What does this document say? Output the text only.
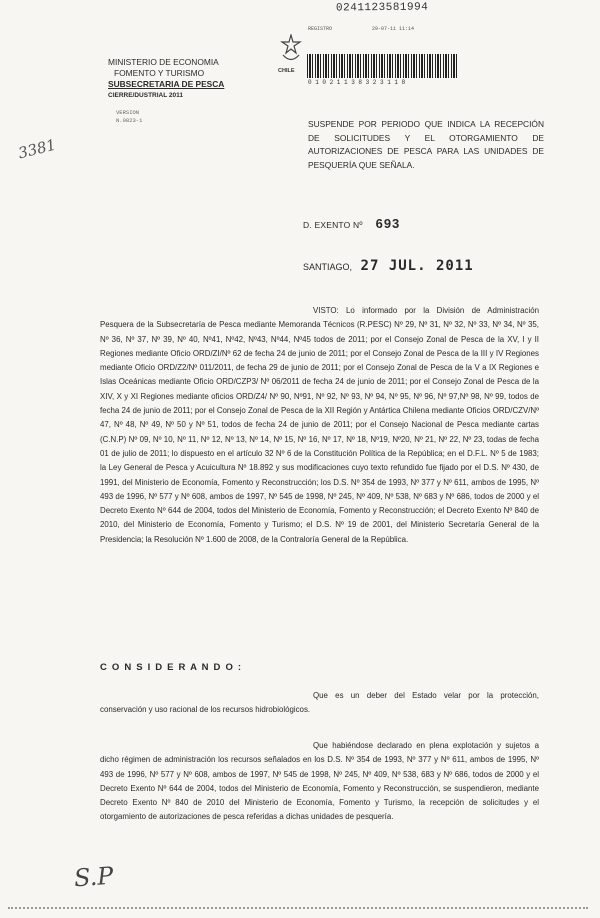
0241123581994
CHILE
REGISTRO	29-07-11 11:14
0 1 0 2 1 1 3 8 3 2 3 1 1 8
MINISTERIO DE ECONOMIA
FOMENTO Y TURISMO
SUBSECRETARIA DE PESCA
CIERRE/DUSTRIAL 2011
VERSION
N.0823-1
3381
SUSPENDE POR PERIODO QUE INDICA LA RECEPCIÓN DE SOLICITUDES Y EL OTORGAMIENTO DE AUTORIZACIONES DE PESCA PARA LAS UNIDADES DE PESQUERÍA QUE SEÑALA.
D. EXENTO Nº 693
SANTIAGO, 27 JUL. 2011
VISTO: Lo informado por la División de Administración Pesquera de la Subsecretaría de Pesca mediante Memoranda Técnicos (R.PESC) Nº 29, Nº 31, Nº 32, Nº 33, Nº 34, Nº 35, Nº 36, Nº 37, Nº 39, Nº 40, Nº41, Nº42, Nº43, Nº44, Nº45 todos de 2011; por el Consejo Zonal de Pesca de la XV, I y II Regiones mediante Oficio ORD/ZI/Nº 62 de fecha 24 de junio de 2011; por el Consejo Zonal de Pesca de la III y IV Regiones mediante Oficio ORD/Z2/Nº 011/2011, de fecha 29 de junio de 2011; por el Consejo Zonal de Pesca de la V a IX Regiones e Islas Oceánicas mediante Oficio ORD/CZP3/ Nº 06/2011 de fecha 24 de junio de 2011; por el Consejo Zonal de Pesca de la XIV, X y XI Regiones mediante oficios ORD/Z4/ Nº 90, Nº91, Nº 92, Nº 93, Nº 94, Nº 95, Nº 96, Nº 97,Nº 98, Nº 99, todos de fecha 24 de junio de 2011; por el Consejo Zonal de Pesca de la XII Región y Antártica Chilena mediante Oficios ORD/CZV/Nº 47, Nº 48, Nº 49, Nº 50 y Nº 51, todos de fecha 24 de junio de 2011; por el Consejo Nacional de Pesca mediante cartas (C.N.P) Nº 09, Nº 10, Nº 11, Nº 12, Nº 13, Nº 14, Nº 15, Nº 16, Nº 17, Nº 18, Nº19, Nº20, Nº 21, Nº 22, Nº 23, todas de fecha 01 de julio de 2011; lo dispuesto en el artículo 32 Nº 6 de la Constitución Política de la República; en el D.F.L. Nº 5 de 1983; la Ley General de Pesca y Acuicultura Nº 18.892 y sus modificaciones cuyo texto refundido fue fijado por el D.S. Nº 430, de 1991, del Ministerio de Economía, Fomento y Reconstrucción; los D.S. Nº 354 de 1993, Nº 377 y Nº 611, ambos de 1995, Nº 493 de 1996, Nº 577 y Nº 608, ambos de 1997, Nº 545 de 1998, Nº 245, Nº 409, Nº 538, Nº 683 y Nº 686, todos de 2000 y el Decreto Exento Nº 644 de 2004, todos del Ministerio de Economía, Fomento y Reconstrucción; el Decreto Exento Nº 840 de 2010, del Ministerio de Economía, Fomento y Turismo; el D.S. Nº 19 de 2001, del Ministerio Secretaría General de la Presidencia; la Resolución Nº 1.600 de 2008, de la Contraloría General de la República.
C O N S I D E R A N D O :
Que es un deber del Estado velar por la protección, conservación y uso racional de los recursos hidrobiológicos.
Que habiéndose declarado en plena explotación y sujetos a dicho régimen de administración los recursos señalados en los D.S. Nº 354 de 1993, Nº 377 y Nº 611, ambos de 1995, Nº 493 de 1996, Nº 577 y Nº 608, ambos de 1997, Nº 545 de 1998, Nº 245, Nº 409, Nº 538, 683 y Nº 686, todos de 2000 y el Decreto Exento Nº 644 de 2004, todos del Ministerio de Economía, Fomento y Reconstrucción, se suspendieron, mediante Decreto Exento Nº 840 de 2010 del Ministerio de Economía, Fomento y Turismo, la recepción de solicitudes y el otorgamiento de autorizaciones de pesca referidas a dichas unidades de pesquería.
S.P
